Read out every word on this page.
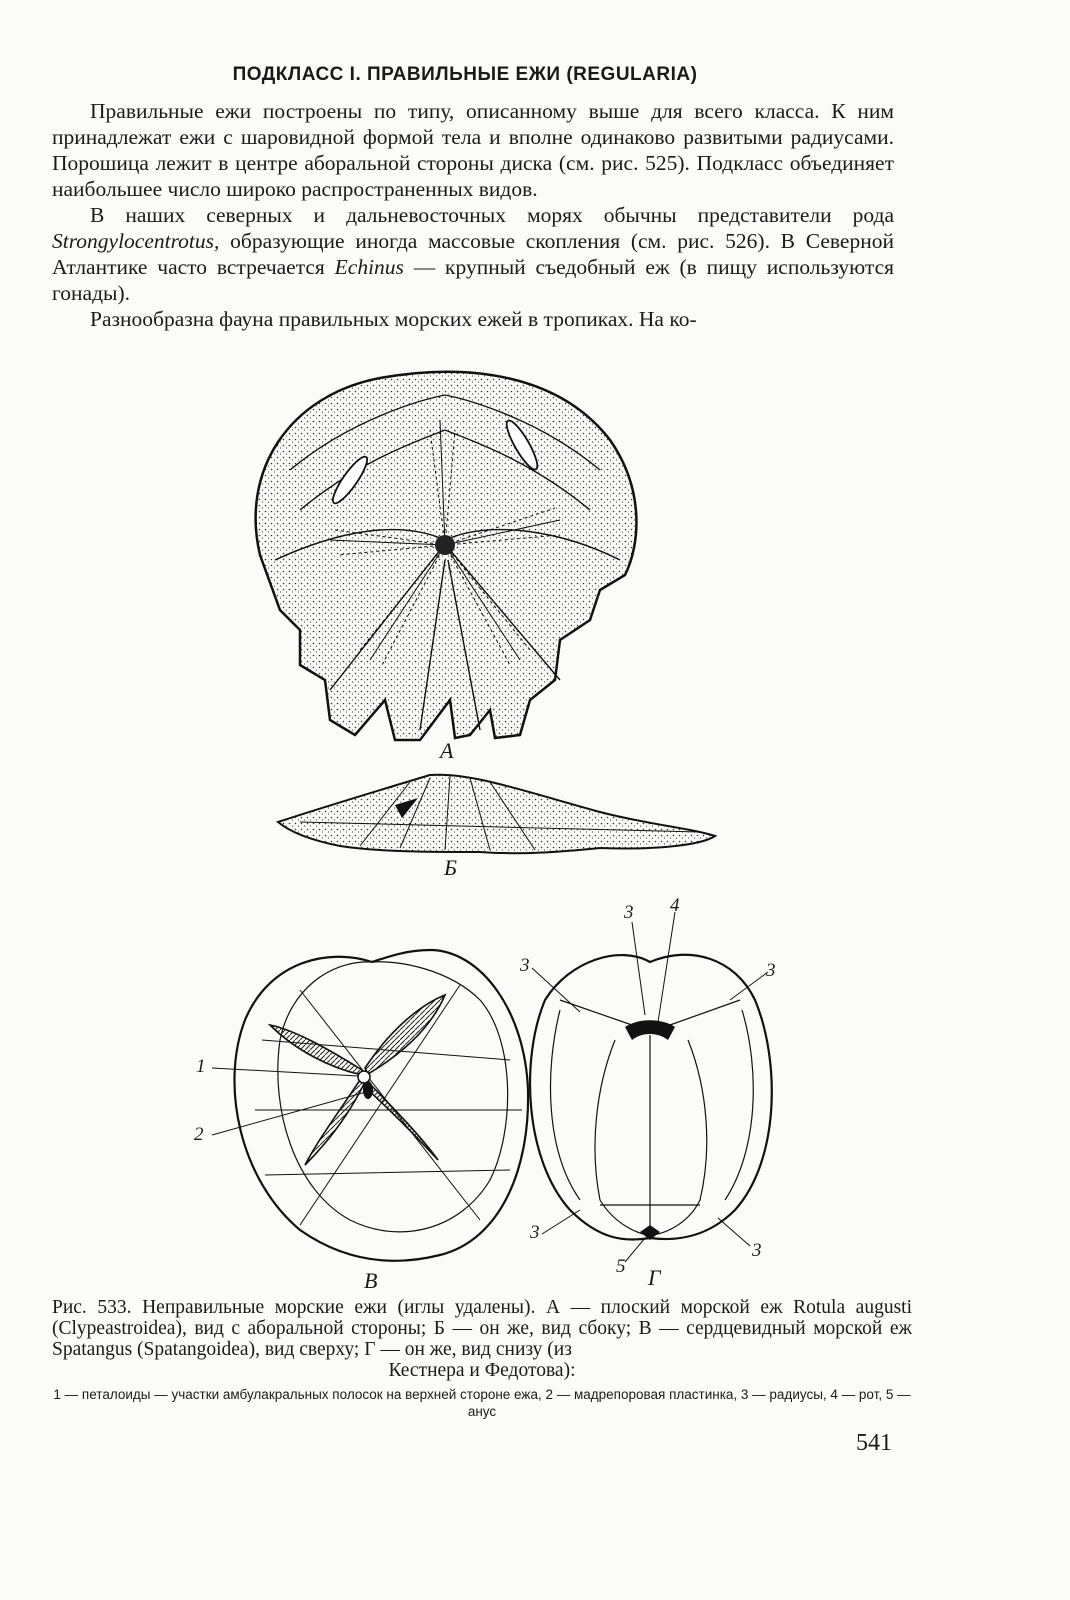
ПОДКЛАСС I. ПРАВИЛЬНЫЕ ЕЖИ (REGULARIA)

Правильные ежи построены по типу, описанному выше для всего класса. К ним принадлежат ежи с шаровидной формой тела и вполне одинаково развитыми радиусами. Порошица лежит в центре аборальной стороны диска (см. рис. 525). Подкласс объединяет наибольшее число широко распространенных видов.

В наших северных и дальневосточных морях обычны представители рода Strongylocentrotus, образующие иногда массовые скопления (см. рис. 526). В Северной Атлантике часто встречается Echinus — крупный съедобный еж (в пищу используются гонады).

Разнообразна фауна правильных морских ежей в тропиках. На ко-

А
Б
В	Г
1
2
3 4
3	3
3
3
5
Рис. 533. Неправильные морские ежи (иглы удалены). А — плоский морской еж Rotula augusti (Clypeastroidea), вид с аборальной стороны; Б — он же, вид сбоку; В — сердцевидный морской еж Spatangus (Spatangoidea), вид сверху; Г — он же, вид снизу (из
Кестнера и Федотова):
1 — петалоиды — участки амбулакральных полосок на верхней стороне ежа, 2 — мадрепоровая пластинка, 3 — радиусы, 4 — рот, 5 — анус
541
